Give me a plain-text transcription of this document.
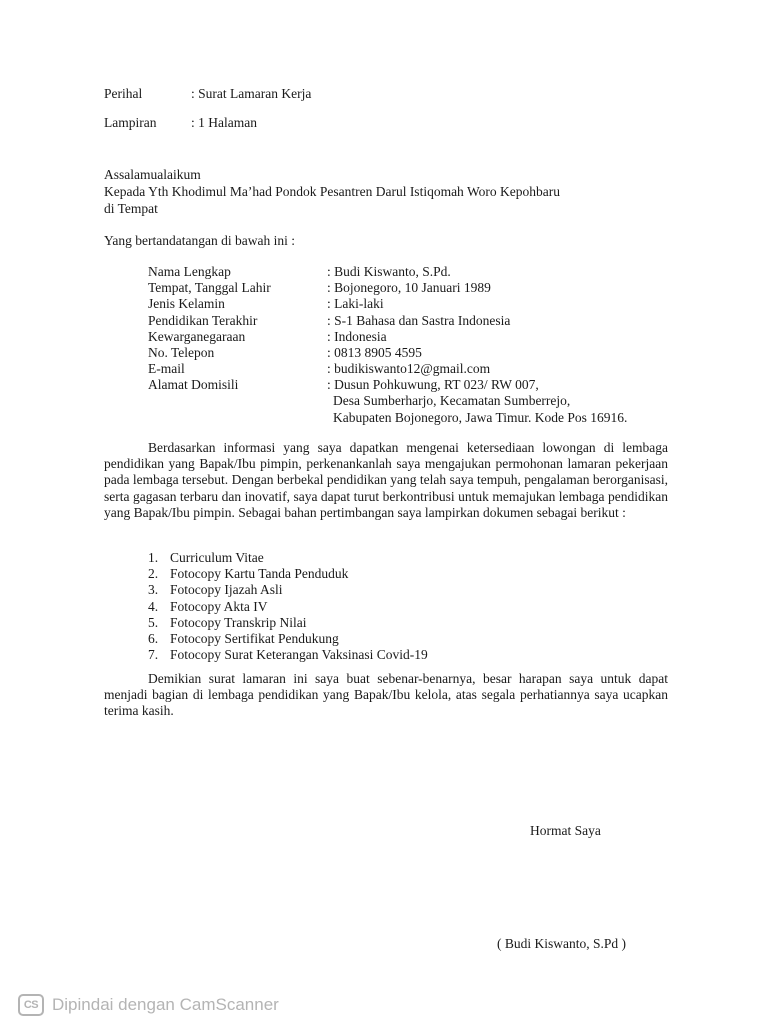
Perihal	: Surat Lamaran Kerja
Lampiran	: 1 Halaman
Assalamualaikum
Kepada Yth Khodimul Ma’had Pondok Pesantren Darul Istiqomah Woro Kepohbaru
di Tempat
Yang bertandatangan di bawah ini :
Nama Lengkap	: Budi Kiswanto, S.Pd.
Tempat, Tanggal Lahir	: Bojonegoro, 10 Januari 1989
Jenis Kelamin	: Laki-laki
Pendidikan Terakhir	: S-1 Bahasa dan Sastra Indonesia
Kewarganegaraan	: Indonesia
No. Telepon	: 0813 8905 4595
E-mail	: budikiswanto12@gmail.com
Alamat Domisili	: Dusun Pohkuwung, RT 023/ RW 007,
Desa Sumberharjo, Kecamatan Sumberrejo,
Kabupaten Bojonegoro, Jawa Timur. Kode Pos 16916.

Berdasarkan informasi yang saya dapatkan mengenai ketersediaan lowongan di lembaga pendidikan yang Bapak/Ibu pimpin, perkenankanlah saya mengajukan permohonan lamaran pekerjaan pada lembaga tersebut. Dengan berbekal pendidikan yang telah saya tempuh, pengalaman berorganisasi, serta gagasan terbaru dan inovatif, saya dapat turut berkontribusi untuk memajukan lembaga pendidikan yang Bapak/Ibu pimpin. Sebagai bahan pertimbangan saya lampirkan dokumen sebagai berikut :

1. Curriculum Vitae
2. Fotocopy Kartu Tanda Penduduk
3. Fotocopy Ijazah Asli
4. Fotocopy Akta IV
5. Fotocopy Transkrip Nilai
6. Fotocopy Sertifikat Pendukung
7. Fotocopy Surat Keterangan Vaksinasi Covid-19

Demikian surat lamaran ini saya buat sebenar-benarnya, besar harapan saya untuk dapat menjadi bagian di lembaga pendidikan yang Bapak/Ibu kelola, atas segala perhatiannya saya ucapkan terima kasih.

Hormat Saya
( Budi Kiswanto, S.Pd )
CS Dipindai dengan CamScanner
